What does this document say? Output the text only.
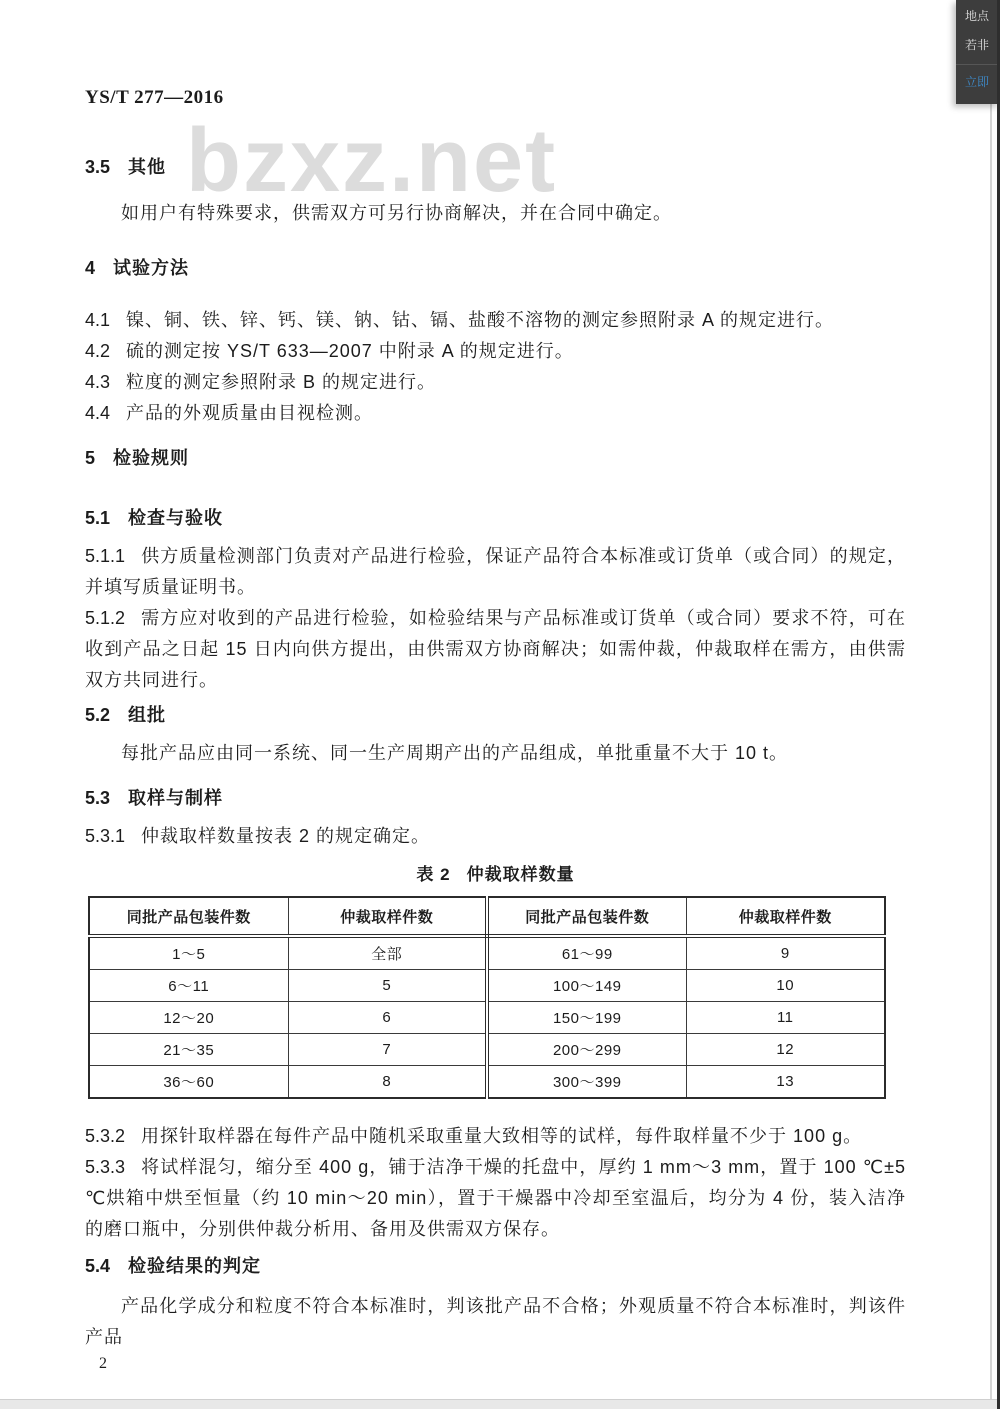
bzxz.net
YS/T 277—2016
3.5 其他

如用户有特殊要求，供需双方可另行协商解决，并在合同中确定。

4 试验方法

4.1 镍、铜、铁、锌、钙、镁、钠、钴、镉、盐酸不溶物的测定参照附录 A 的规定进行。

4.2 硫的测定按 YS/T 633—2007 中附录 A 的规定进行。

4.3 粒度的测定参照附录 B 的规定进行。

4.4 产品的外观质量由目视检测。

5 检验规则
5.1 检查与验收

5.1.1 供方质量检测部门负责对产品进行检验，保证产品符合本标准或订货单（或合同）的规定，并填写质量证明书。

5.1.2 需方应对收到的产品进行检验，如检验结果与产品标准或订货单（或合同）要求不符，可在收到产品之日起 15 日内向供方提出，由供需双方协商解决；如需仲裁，仲裁取样在需方，由供需双方共同进行。

5.2 组批

每批产品应由同一系统、同一生产周期产出的产品组成，单批重量不大于 10 t。

5.3 取样与制样

5.3.1 仲裁取样数量按表 2 的规定确定。

表 2 仲裁取样数量
同批产品包装件数	仲裁取样件数	同批产品包装件数	仲裁取样件数
1～5	全部	61～99	9
6～11	5	100～149	10
12～20	6	150～199	11
21～35	7	200～299	12
36～60	8	300～399	13

5.3.2 用探针取样器在每件产品中随机采取重量大致相等的试样，每件取样量不少于 100 g。

5.3.3 将试样混匀，缩分至 400 g，铺于洁净干燥的托盘中，厚约 1 mm～3 mm，置于 100 ℃±5 ℃烘箱中烘至恒量（约 10 min～20 min），置于干燥器中冷却至室温后，均分为 4 份，装入洁净的磨口瓶中，分别供仲裁分析用、备用及供需双方保存。

5.4 检验结果的判定

产品化学成分和粒度不符合本标准时，判该批产品不合格；外观质量不符合本标准时，判该件产品

2
地点
若非
立即
